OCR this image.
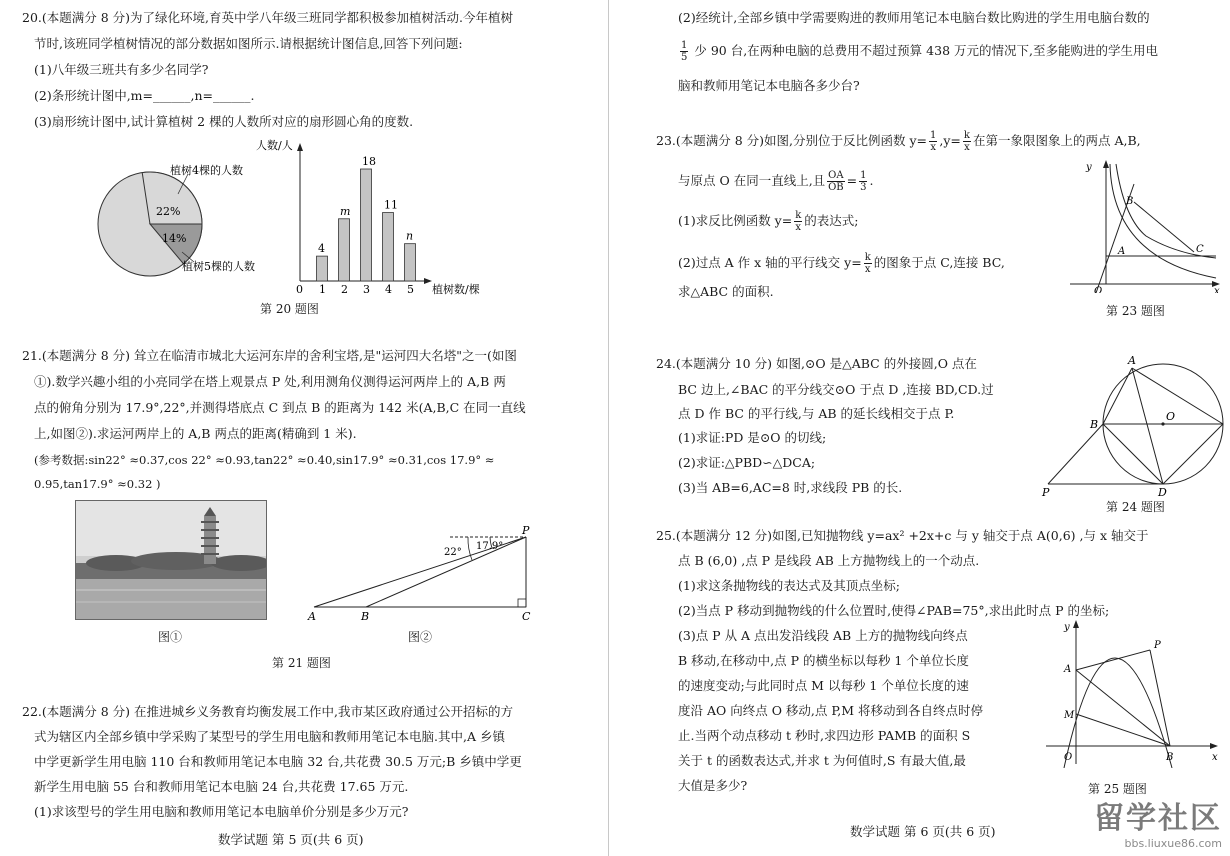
20.(本题满分 8 分)为了绿化环境,育英中学八年级三班同学都积极参加植树活动.今年植树
节时,该班同学植树情况的部分数据如图所示.请根据统计图信息,回答下列问题:
(1)八年级三班共有多少名同学?
(2)条形统计图中,m=______,n=______.
(3)扇形统计图中,试计算植树 2 棵的人数所对应的扇形圆心角的度数.
22%
14%
植树4棵的人数
植树5棵的人数
人数/人
植树数/棵
0 1
4
2
m
3
18
4
11
5
n
第 20 题图
21.(本题满分 8 分) 耸立在临清市城北大运河东岸的舍利宝塔,是"运河四大名塔"之一(如图
①).数学兴趣小组的小亮同学在塔上观景点 P 处,利用测角仪测得运河两岸上的 A,B 两
点的俯角分别为 17.9°,22°,并测得塔底点 C 到点 B 的距离为 142 米(A,B,C 在同一直线
上,如图②).求运河两岸上的 A,B 两点的距离(精确到 1 米).
(参考数据:sin22° ≈0.37,cos 22° ≈0.93,tan22° ≈0.40,sin17.9° ≈0.31,cos 17.9° ≈
0.95,tan17.9° ≈0.32 )
图①
22°
17.9°
P
A	B	C
图②
第 21 题图
22.(本题满分 8 分) 在推进城乡义务教育均衡发展工作中,我市某区政府通过公开招标的方
式为辖区内全部乡镇中学采购了某型号的学生用电脑和教师用笔记本电脑.其中,A 乡镇
中学更新学生用电脑 110 台和教师用笔记本电脑 32 台,共花费 30.5 万元;B 乡镇中学更
新学生用电脑 55 台和教师用笔记本电脑 24 台,共花费 17.65 万元.
(1)求该型号的学生用电脑和教师用笔记本电脑单价分别是多少万元?
数学试题 第 5 页(共 6 页)
(2)经统计,全部乡镇中学需要购进的教师用笔记本电脑台数比购进的学生用电脑台数的
$\frac{1}{5}$ 少 90 台,在两种电脑的总费用不超过预算 438 万元的情况下,至多能购进的学生用电
脑和教师用笔记本电脑各多少台?
23.(本题满分 8 分)如图,分别位于反比例函数 $y= \frac{1}{x} ,y= \frac{k}{x}$ 在第一象限图象上的两点 A,B,
与原点 O 在同一直线上,且 $\frac{OA}{OB} = \frac{1}{3}$ .
(1)求反比例函数 $y= \frac{k}{x}$ 的表达式;
(2)过点 A 作 x 轴的平行线交 $y= \frac{k}{x}$ 的图象于点 C,连接 BC,
求△ABC 的面积.
y
x
O
A
B
C
第 23 题图
24.(本题满分 10 分) 如图,⊙O 是△ABC 的外接圆,O 点在
BC 边上,∠BAC 的平分线交⊙O 于点 D ,连接 BD,CD.过
点 D 作 BC 的平行线,与 AB 的延长线相交于点 P.
(1)求证:PD 是⊙O 的切线;
(2)求证:△PBD∽△DCA;
(3)当 AB=6,AC=8 时,求线段 PB 的长.
A
B
D
O
P
第 24 题图
25.(本题满分 12 分)如图,已知抛物线 y=ax² +2x+c 与 y 轴交于点 A(0,6) ,与 x 轴交于
点 B (6,0) ,点 P 是线段 AB 上方抛物线上的一个动点.
(1)求这条抛物线的表达式及其顶点坐标;
(2)当点 P 移动到抛物线的什么位置时,使得∠PAB=75°,求出此时点 P 的坐标;
(3)点 P 从 A 点出发沿线段 AB 上方的抛物线向终点
B 移动,在移动中,点 P 的横坐标以每秒 1 个单位长度
的速度变动;与此同时点 M 以每秒 1 个单位长度的速
度沿 AO 向终点 O 移动,点 P,M 将移动到各自终点时停
止.当两个动点移动 t 秒时,求四边形 PAMB 的面积 S
关于 t 的函数表达式,并求 t 为何值时,S 有最大值,最
大值是多少?
y
x
O
A
M
P
B
第 25 题图
数学试题 第 6 页(共 6 页)	留学社区
bbs.liuxue86.com
